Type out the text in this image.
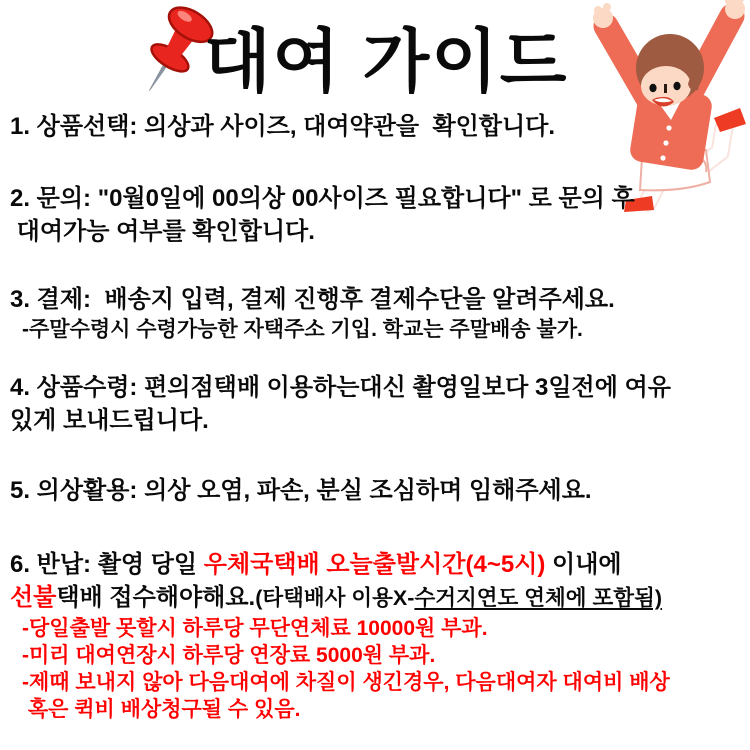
대여 가이드
1. 상품선택: 의상과 사이즈, 대여약관을  확인합니다.
2. 문의: "0월0일에 00의상 00사이즈 필요합니다" 로 문의 후
대여가능 여부를 확인합니다.
3. 결제:  배송지 입력, 결제 진행후 결제수단을 알려주세요.
-주말수령시 수령가능한 자택주소 기입. 학교는 주말배송 불가.
4. 상품수령: 편의점택배 이용하는대신 촬영일보다 3일전에 여유
있게 보내드립니다.
5. 의상활용: 의상 오염, 파손, 분실 조심하며 임해주세요.
6. 반납: 촬영 당일 우체국택배 오늘출발시간(4~5시) 이내에
선불택배 접수해야해요.(타택배사 이용X-수거지연도 연체에 포함됨)
-당일출발 못할시 하루당 무단연체료 10000원 부과.
-미리 대여연장시 하루당 연장료 5000원 부과.
-제때 보내지 않아 다음대여에 차질이 생긴경우, 다음대여자 대여비 배상
혹은 퀵비 배상청구될 수 있음.
